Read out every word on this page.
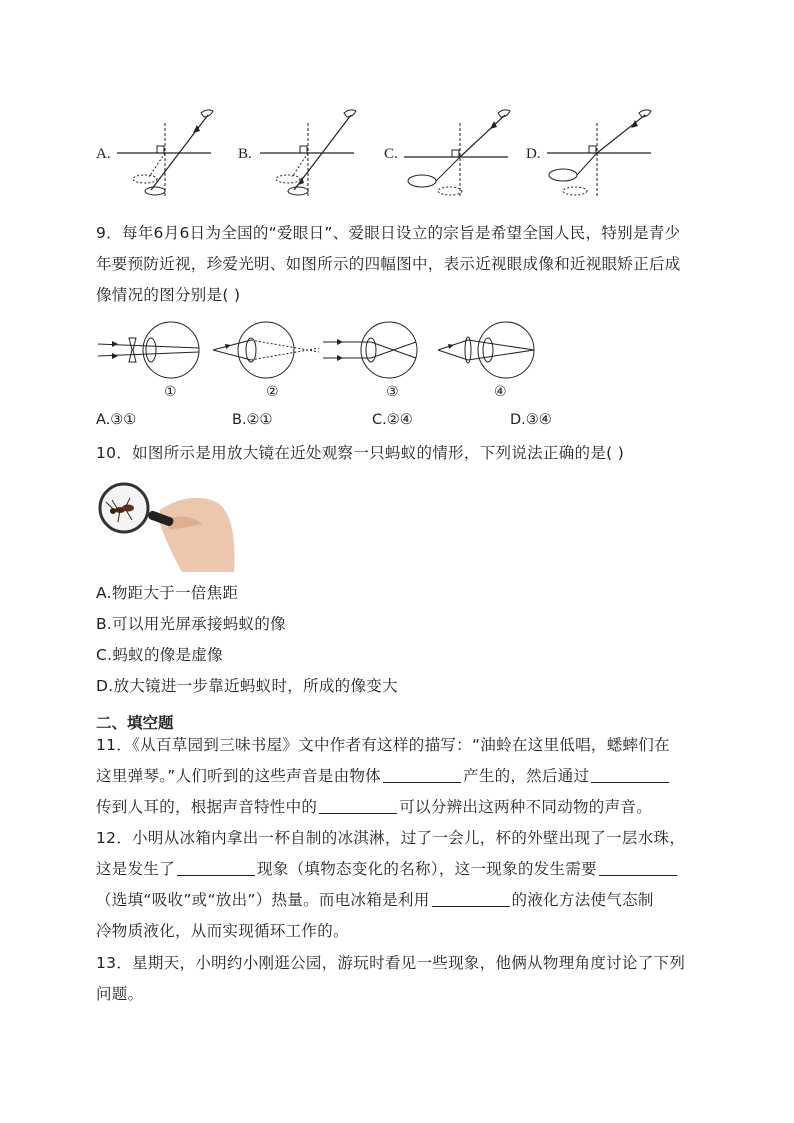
A.	B.	C.	D.
9．每年6月6日为全国的“爱眼日”、爱眼日设立的宗旨是希望全国人民，特别是青少
年要预防近视，珍爱光明、如图所示的四幅图中，表示近视眼成像和近视眼矫正后成
像情况的图分别是( )
①	②	③	④
A.③①	B.②①	C.②④	D.③④
10．如图所示是用放大镜在近处观察一只蚂蚁的情形，下列说法正确的是( )
A.物距大于一倍焦距
B.可以用光屏承接蚂蚁的像
C.蚂蚁的像是虚像
D.放大镜进一步靠近蚂蚁时，所成的像变大
二、填空题
11．《从百草园到三味书屋》文中作者有这样的描写：“油蛉在这里低唱，蟋蟀们在
这里弹琴。”人们听到的这些声音是由物体	产生的，然后通过
传到人耳的，根据声音特性中的	可以分辨出这两种不同动物的声音。
12．小明从冰箱内拿出一杯自制的冰淇淋，过了一会儿，杯的外壁出现了一层水珠，
这是发生了	现象（填物态变化的名称），这一现象的发生需要
（选填“吸收”或“放出”）热量。而电冰箱是利用	的液化方法使气态制
冷物质液化，从而实现循环工作的。
13．星期天，小明约小刚逛公园，游玩时看见一些现象，他俩从物理角度讨论了下列
问题。
